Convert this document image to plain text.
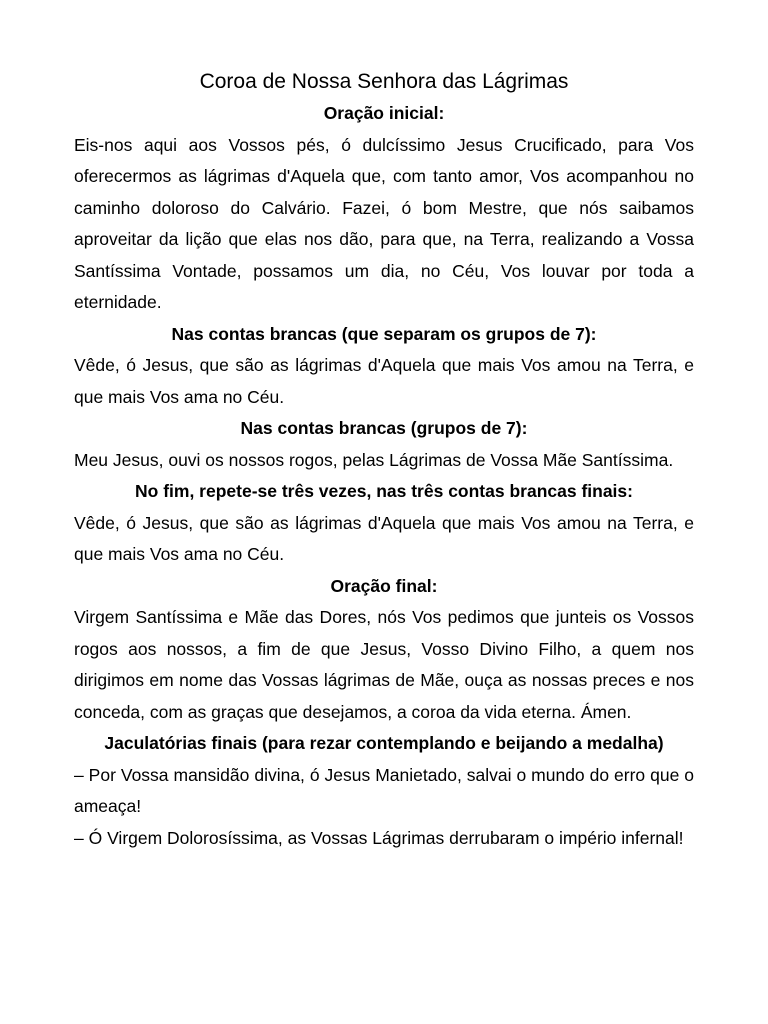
Coroa de Nossa Senhora das Lágrimas
Oração inicial:

Eis-nos aqui aos Vossos pés, ó dulcíssimo Jesus Crucificado, para Vos oferecermos as lágrimas d'Aquela que, com tanto amor, Vos acompanhou no caminho doloroso do Calvário. Fazei, ó bom Mestre, que nós saibamos aproveitar da lição que elas nos dão, para que, na Terra, realizando a Vossa Santíssima Vontade, possamos um dia, no Céu, Vos louvar por toda a eternidade.

Nas contas brancas (que separam os grupos de 7):

Vêde, ó Jesus, que são as lágrimas d'Aquela que mais Vos amou na Terra, e que mais Vos ama no Céu.

Nas contas brancas (grupos de 7):

Meu Jesus, ouvi os nossos rogos, pelas Lágrimas de Vossa Mãe Santíssima.

No fim, repete-se três vezes, nas três contas brancas finais:

Vêde, ó Jesus, que são as lágrimas d'Aquela que mais Vos amou na Terra, e que mais Vos ama no Céu.

Oração final:

Virgem Santíssima e Mãe das Dores, nós Vos pedimos que junteis os Vossos rogos aos nossos, a fim de que Jesus, Vosso Divino Filho, a quem nos dirigimos em nome das Vossas lágrimas de Mãe, ouça as nossas preces e nos conceda, com as graças que desejamos, a coroa da vida eterna. Ámen.

Jaculatórias finais (para rezar contemplando e beijando a medalha)

– Por Vossa mansidão divina, ó Jesus Manietado, salvai o mundo do erro que o ameaça!

– Ó Virgem Dolorosíssima, as Vossas Lágrimas derrubaram o império infernal!
